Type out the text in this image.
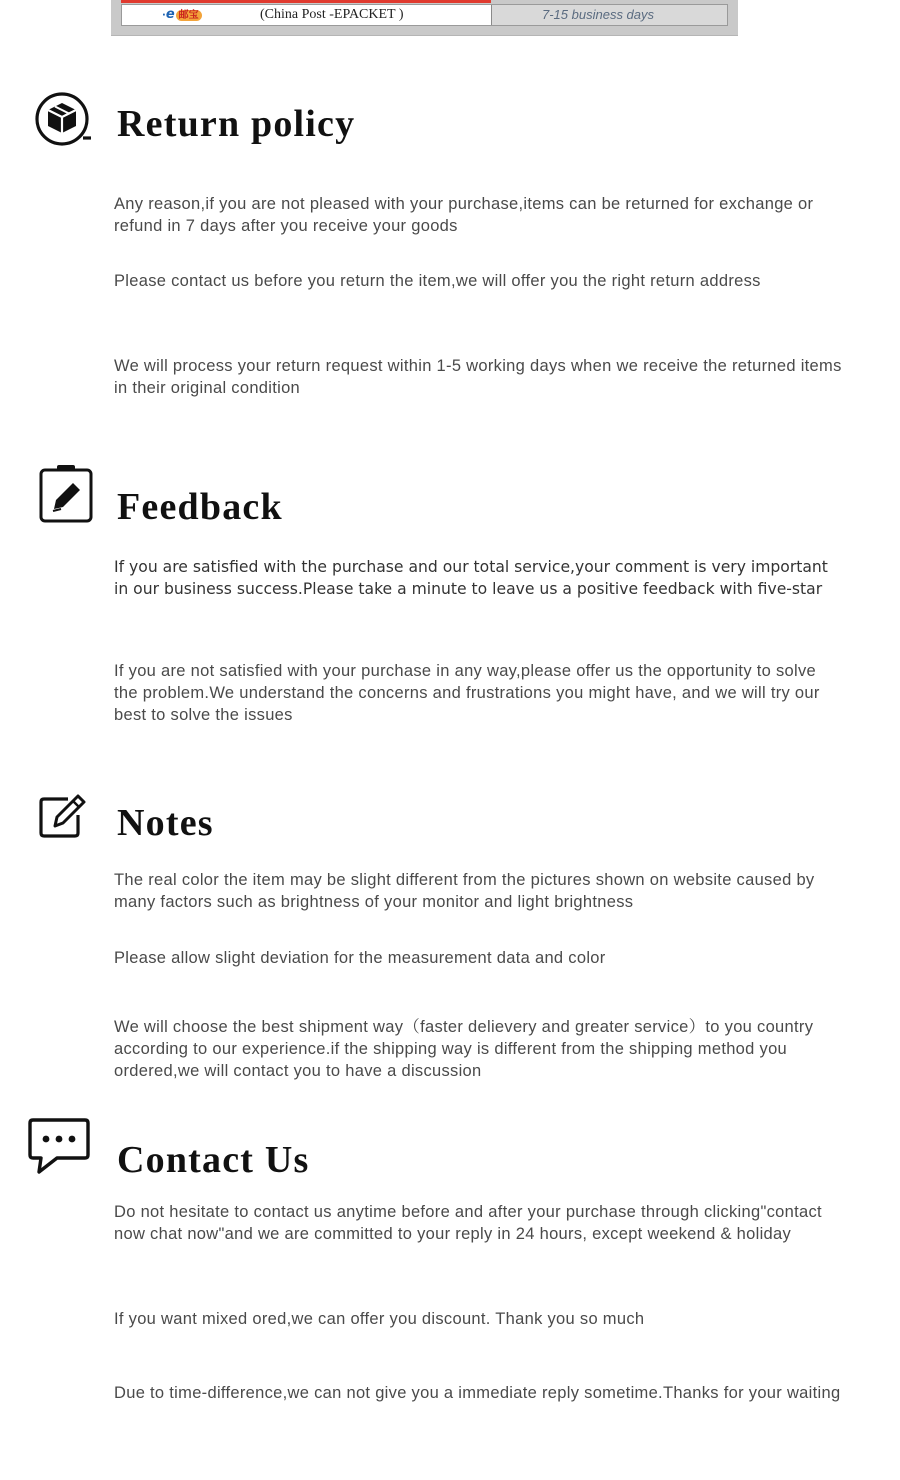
·e 邮宝	(China Post -EPACKET )	7-15 business days
Return policy

Any reason,if you are not pleased with your purchase,items can be returned for exchange or refund in 7 days after you receive your goods

Please contact us before you return the item,we will offer you the right return address

We will process your return request within 1-5 working days when we receive the returned items in their original condition

Feedback

If you are satisfied with the purchase and our total service,your comment is very important in our business success.Please take a minute to leave us a positive feedback with five-star

If you are not satisfied with your purchase in any way,please offer us the opportunity to solve the problem.We understand the concerns and frustrations you might have, and we will try our best to solve the issues

Notes

The real color the item may be slight different from the pictures shown on website caused by many factors such as brightness of your monitor and light brightness

Please allow slight deviation for the measurement data and color

We will choose the best shipment way（faster delievery and greater service）to you country according to our experience.if the shipping way is different from the shipping method you ordered,we will contact you to have a discussion

Contact Us

Do not hesitate to contact us anytime before and after your purchase through clicking"contact now chat now"and we are committed to your reply in 24 hours, except weekend & holiday

If you want mixed ored,we can offer you discount. Thank you so much

Due to time-difference,we can not give you a immediate reply sometime.Thanks for your waiting
